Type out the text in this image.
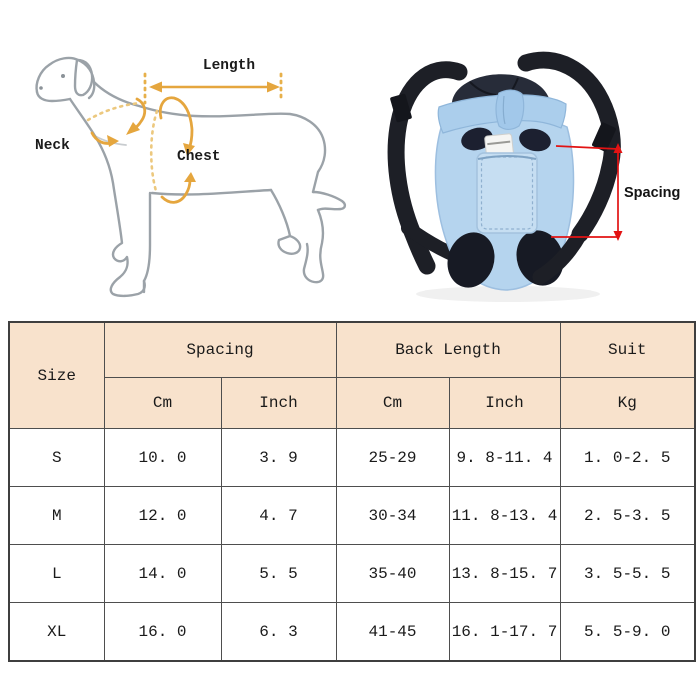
Length
Neck
Chest
Spacing
Size	Spacing		Back Length		Suit
	Cm	Inch	Cm	Inch	Kg
S	10. 0	3. 9	25-29	9. 8-11. 4	1. 0-2. 5
M	12. 0	4. 7	30-34	11. 8-13. 4	2. 5-3. 5
L	14. 0	5. 5	35-40	13. 8-15. 7	3. 5-5. 5
XL	16. 0	6. 3	41-45	16. 1-17. 7	5. 5-9. 0
